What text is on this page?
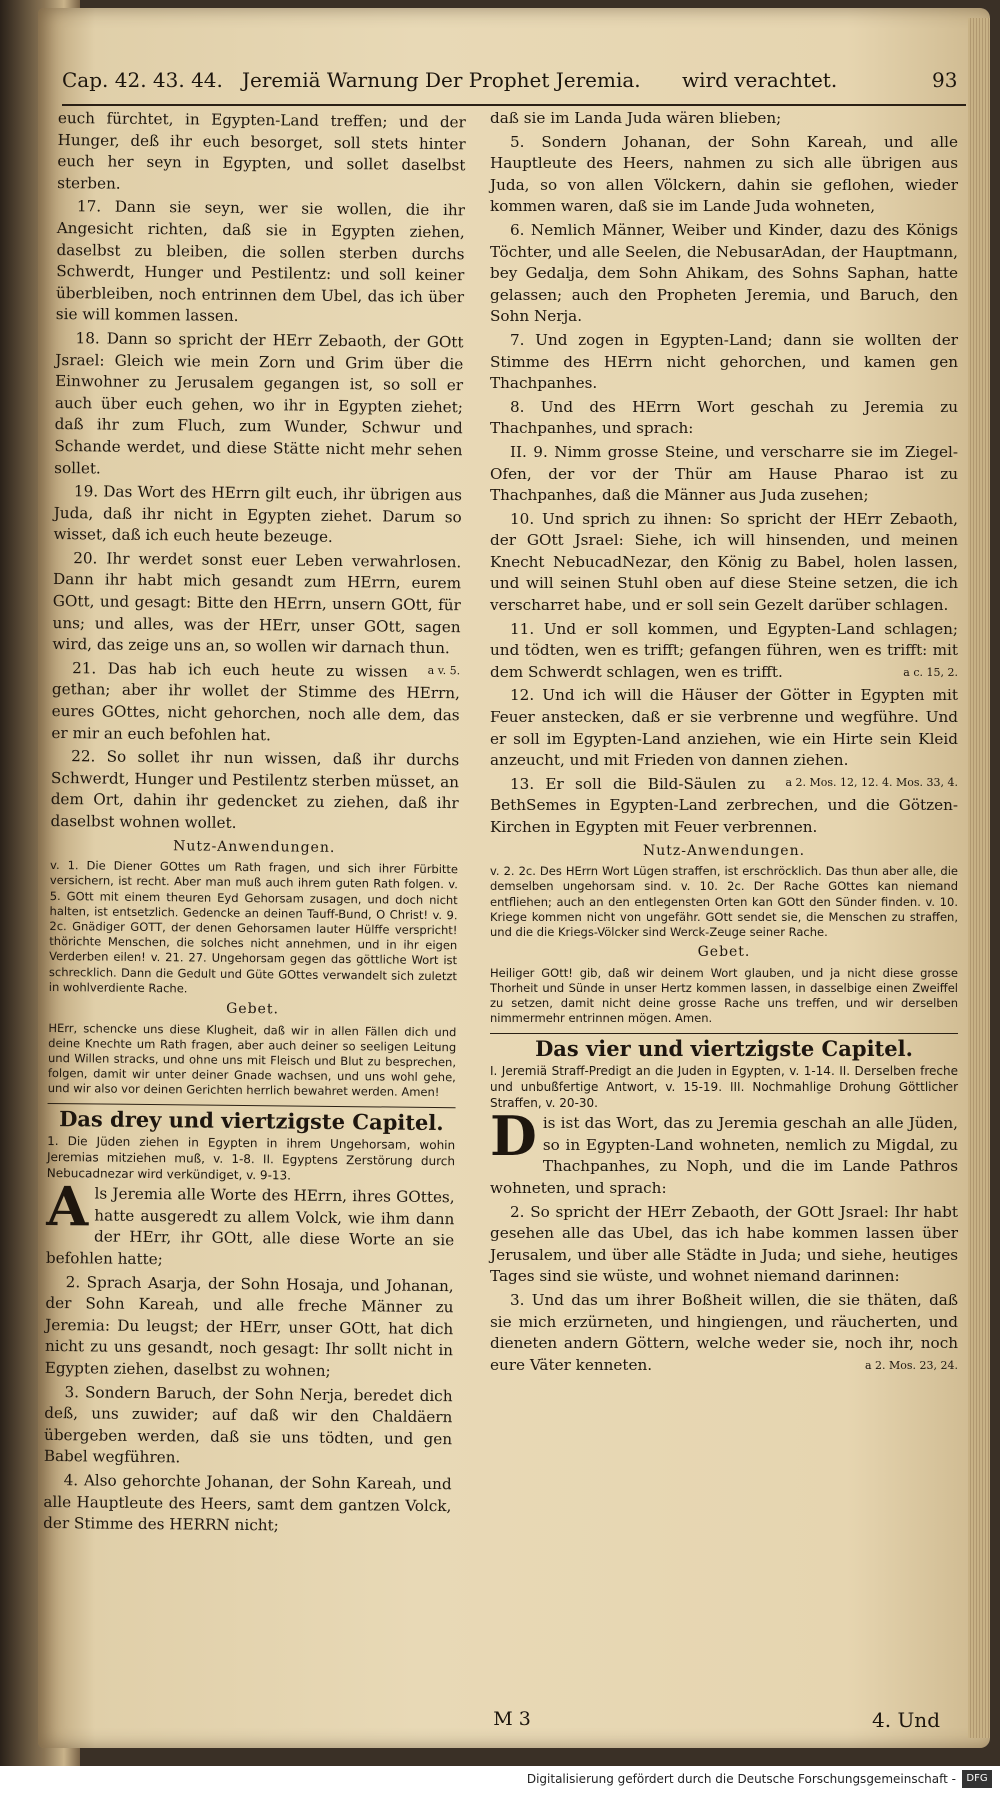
Cap. 42. 43. 44. Jeremiä Warnung Der Prophet Jeremia. wird verachtet.	93

euch fürchtet, in Egypten-Land treffen; und der Hunger, deß ihr euch besorget, soll stets hinter euch her seyn in Egypten, und sollet daselbst sterben.

17. Dann sie seyn, wer sie wollen, die ihr Angesicht richten, daß sie in Egypten ziehen, daselbst zu bleiben, die sollen sterben durchs Schwerdt, Hunger und Pestilentz: und soll keiner überbleiben, noch entrinnen dem Ubel, das ich über sie will kommen lassen.

18. Dann so spricht der HErr Zebaoth, der GOtt Jsrael: Gleich wie mein Zorn und Grim über die Einwohner zu Jerusalem gegangen ist, so soll er auch über euch gehen, wo ihr in Egypten ziehet; daß ihr zum Fluch, zum Wunder, Schwur und Schande werdet, und diese Stätte nicht mehr sehen sollet.

19. Das Wort des HErrn gilt euch, ihr übrigen aus Juda, daß ihr nicht in Egypten ziehet. Darum so wisset, daß ich euch heute bezeuge.

20. Ihr werdet sonst euer Leben verwahrlosen. Dann ihr habt mich gesandt zum HErrn, eurem GOtt, und gesagt: Bitte den HErrn, unsern GOtt, für uns; und alles, was der HErr, unser GOtt, sagen wird, das zeige uns an, so wollen wir darnach thun.
a v. 5.

21. Das hab ich euch heute zu wissen gethan; aber ihr wollet der Stimme des HErrn, eures GOttes, nicht gehorchen, noch alle dem, das er mir an euch befohlen hat.

22. So sollet ihr nun wissen, daß ihr durchs Schwerdt, Hunger und Pestilentz sterben müsset, an dem Ort, dahin ihr gedencket zu ziehen, daß ihr daselbst wohnen wollet.

Nutz-Anwendungen.

v. 1. Die Diener GOttes um Rath fragen, und sich ihrer Fürbitte versichern, ist recht. Aber man muß auch ihrem guten Rath folgen. v. 5. GOtt mit einem theuren Eyd Gehorsam zusagen, und doch nicht halten, ist entsetzlich. Gedencke an deinen Tauff-Bund, O Christ! v. 9. 2c. Gnädiger GOTT, der denen Gehorsamen lauter Hülffe verspricht! thörichte Menschen, die solches nicht annehmen, und in ihr eigen Verderben eilen! v. 21. 27. Ungehorsam gegen das göttliche Wort ist schrecklich. Dann die Gedult und Güte GOttes verwandelt sich zuletzt in wohlverdiente Rache.

Gebet.

HErr, schencke uns diese Klugheit, daß wir in allen Fällen dich und deine Knechte um Rath fragen, aber auch deiner so seeligen Leitung und Willen stracks, und ohne uns mit Fleisch und Blut zu besprechen, folgen, damit wir unter deiner Gnade wachsen, und uns wohl gehe, und wir also vor deinen Gerichten herrlich bewahret werden. Amen!

Das drey und viertzigste Capitel.

1. Die Jüden ziehen in Egypten in ihrem Ungehorsam, wohin Jeremias mitziehen muß, v. 1-8. II. Egyptens Zerstörung durch Nebucadnezar wird verkündiget, v. 9-13.

Als Jeremia alle Worte des HErrn, ihres GOttes, hatte ausgeredt zu allem Volck, wie ihm dann der HErr, ihr GOtt, alle diese Worte an sie befohlen hatte;

2. Sprach Asarja, der Sohn Hosaja, und Johanan, der Sohn Kareah, und alle freche Männer zu Jeremia: Du leugst; der HErr, unser GOtt, hat dich nicht zu uns gesandt, noch gesagt: Ihr sollt nicht in Egypten ziehen, daselbst zu wohnen;

3. Sondern Baruch, der Sohn Nerja, beredet dich deß, uns zuwider; auf daß wir den Chaldäern übergeben werden, daß sie uns tödten, und gen Babel wegführen.

4. Also gehorchte Johanan, der Sohn Kareah, und alle Hauptleute des Heers, samt dem gantzen Volck, der Stimme des HERRN nicht;

daß sie im Landa Juda wären blieben;

5. Sondern Johanan, der Sohn Kareah, und alle Hauptleute des Heers, nahmen zu sich alle übrigen aus Juda, so von allen Völckern, dahin sie geflohen, wieder kommen waren, daß sie im Lande Juda wohneten,

6. Nemlich Männer, Weiber und Kinder, dazu des Königs Töchter, und alle Seelen, die NebusarAdan, der Hauptmann, bey Gedalja, dem Sohn Ahikam, des Sohns Saphan, hatte gelassen; auch den Propheten Jeremia, und Baruch, den Sohn Nerja.

7. Und zogen in Egypten-Land; dann sie wollten der Stimme des HErrn nicht gehorchen, und kamen gen Thachpanhes.

8. Und des HErrn Wort geschah zu Jeremia zu Thachpanhes, und sprach:

II. 9. Nimm grosse Steine, und verscharre sie im Ziegel-Ofen, der vor der Thür am Hause Pharao ist zu Thachpanhes, daß die Männer aus Juda zusehen;

10. Und sprich zu ihnen: So spricht der HErr Zebaoth, der GOtt Jsrael: Siehe, ich will hinsenden, und meinen Knecht NebucadNezar, den König zu Babel, holen lassen, und will seinen Stuhl oben auf diese Steine setzen, die ich verscharret habe, und er soll sein Gezelt darüber schlagen.

11. Und er soll kommen, und Egypten-Land schlagen; und tödten, wen es trifft; gefangen führen, wen es trifft: mit dem Schwerdt schlagen, wen es trifft.	a c. 15, 2.

12. Und ich will die Häuser der Götter in Egypten mit Feuer anstecken, daß er sie verbrenne und wegführe. Und er soll im Egypten-Land anziehen, wie ein Hirte sein Kleid anzeucht, und mit Frieden von dannen ziehen.
a 2. Mos. 12, 12. 4. Mos. 33, 4.

13. Er soll die Bild-Säulen zu BethSemes in Egypten-Land zerbrechen, und die Götzen-Kirchen in Egypten mit Feuer verbrennen.

Nutz-Anwendungen.

v. 2. 2c. Des HErrn Wort Lügen straffen, ist erschröcklich. Das thun aber alle, die demselben ungehorsam sind. v. 10. 2c. Der Rache GOttes kan niemand entfliehen; auch an den entlegensten Orten kan GOtt den Sünder finden. v. 10. Kriege kommen nicht von ungefähr. GOtt sendet sie, die Menschen zu straffen, und die die Kriegs-Völcker sind Werck-Zeuge seiner Rache.

Gebet.

Heiliger GOtt! gib, daß wir deinem Wort glauben, und ja nicht diese grosse Thorheit und Sünde in unser Hertz kommen lassen, in dasselbige einen Zweiffel zu setzen, damit nicht deine grosse Rache uns treffen, und wir derselben nimmermehr entrinnen mögen. Amen.

Das vier und viertzigste Capitel.

I. Jeremiä Straff-Predigt an die Juden in Egypten, v. 1-14. II. Derselben freche und unbußfertige Antwort, v. 15-19. III. Nochmahlige Drohung Göttlicher Straffen, v. 20-30.

Dis ist das Wort, das zu Jeremia geschah an alle Jüden, so in Egypten-Land wohneten, nemlich zu Migdal, zu Thachpanhes, zu Noph, und die im Lande Pathros wohneten, und sprach:

2. So spricht der HErr Zebaoth, der GOtt Jsrael: Ihr habt gesehen alle das Ubel, das ich habe kommen lassen über Jerusalem, und über alle Städte in Juda; und siehe, heutiges Tages sind sie wüste, und wohnet niemand darinnen:

3. Und das um ihrer Boßheit willen, die sie thäten, daß sie mich erzürneten, und hingiengen, und räucherten, und dieneten andern Göttern, welche weder sie, noch ihr, noch eure Väter kenneten.	a 2. Mos. 23, 24.

M 3	4. Und
Digitalisierung gefördert durch die Deutsche Forschungsgemeinschaft -	DFG
